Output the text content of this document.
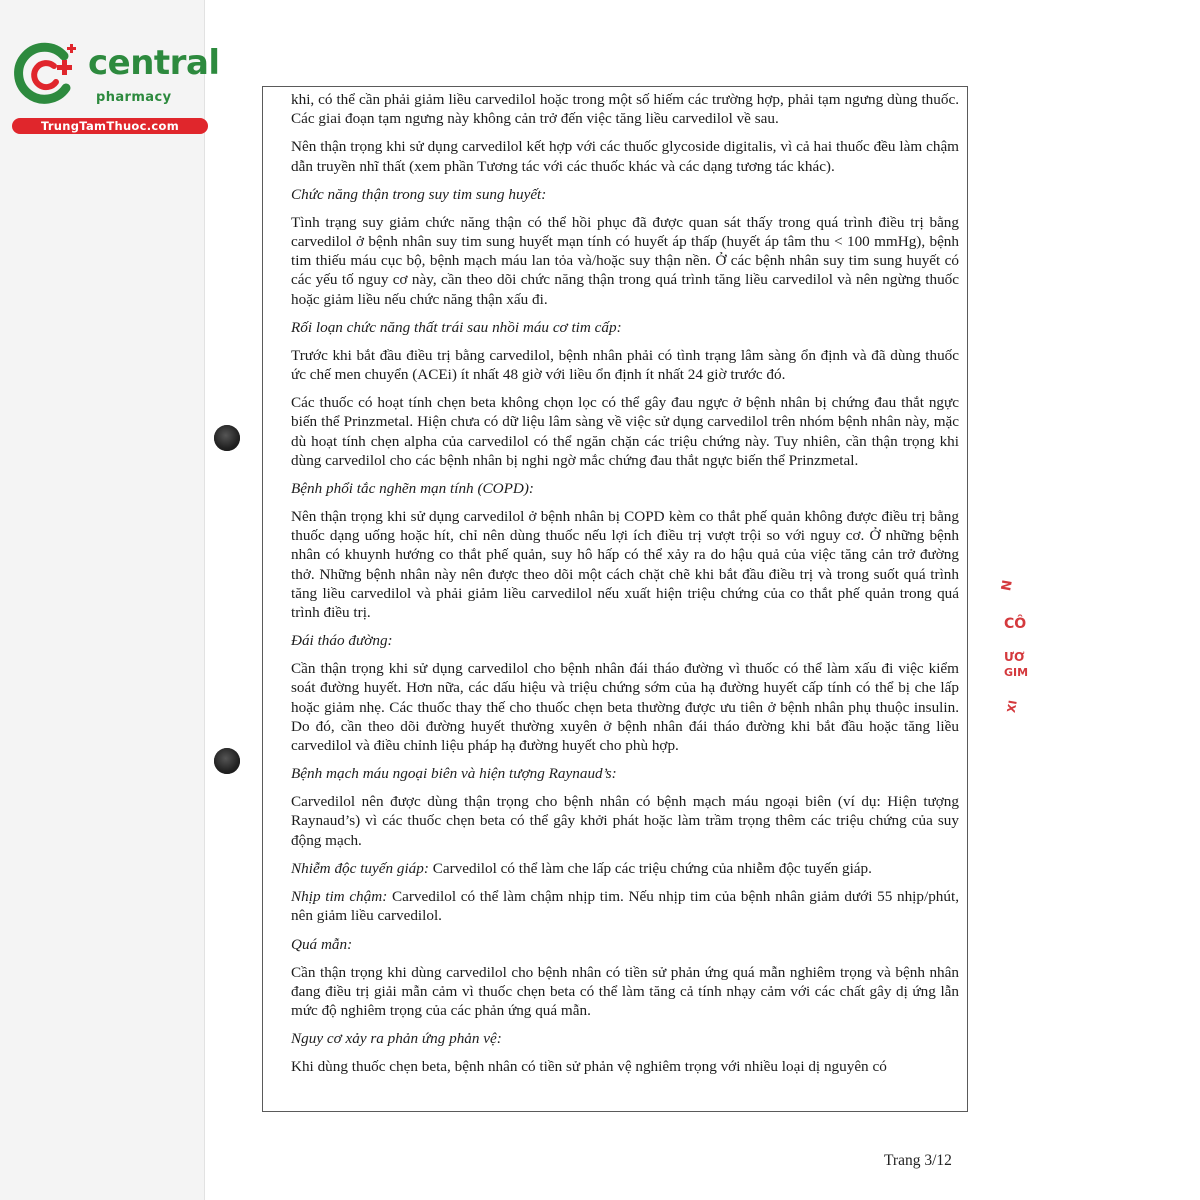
central
pharmacy
TrungTamThuoc.com
khi, có thể cần phải giảm liều carvedilol hoặc trong một số hiếm các trường hợp, phải tạm ngưng dùng thuốc. Các giai đoạn tạm ngưng này không cản trở đến việc tăng liều carvedilol về sau.
Nên thận trọng khi sử dụng carvedilol kết hợp với các thuốc glycoside digitalis, vì cả hai thuốc đều làm chậm dẫn truyền nhĩ thất (xem phần Tương tác với các thuốc khác và các dạng tương tác khác).
Chức năng thận trong suy tim sung huyết:
Tình trạng suy giảm chức năng thận có thể hồi phục đã được quan sát thấy trong quá trình điều trị bằng carvedilol ở bệnh nhân suy tim sung huyết mạn tính có huyết áp thấp (huyết áp tâm thu < 100 mmHg), bệnh tim thiếu máu cục bộ, bệnh mạch máu lan tỏa và/hoặc suy thận nền. Ở các bệnh nhân suy tim sung huyết có các yếu tố nguy cơ này, cần theo dõi chức năng thận trong quá trình tăng liều carvedilol và nên ngừng thuốc hoặc giảm liều nếu chức năng thận xấu đi.
Rối loạn chức năng thất trái sau nhồi máu cơ tim cấp:
Trước khi bắt đầu điều trị bằng carvedilol, bệnh nhân phải có tình trạng lâm sàng ổn định và đã dùng thuốc ức chế men chuyển (ACEi) ít nhất 48 giờ với liều ổn định ít nhất 24 giờ trước đó.
Các thuốc có hoạt tính chẹn beta không chọn lọc có thể gây đau ngực ở bệnh nhân bị chứng đau thắt ngực biến thể Prinzmetal. Hiện chưa có dữ liệu lâm sàng về việc sử dụng carvedilol trên nhóm bệnh nhân này, mặc dù hoạt tính chẹn alpha của carvedilol có thể ngăn chặn các triệu chứng này. Tuy nhiên, cần thận trọng khi dùng carvedilol cho các bệnh nhân bị nghi ngờ mắc chứng đau thắt ngực biến thể Prinzmetal.
Bệnh phổi tắc nghẽn mạn tính (COPD):
Nên thận trọng khi sử dụng carvedilol ở bệnh nhân bị COPD kèm co thắt phế quản không được điều trị bằng thuốc dạng uống hoặc hít, chỉ nên dùng thuốc nếu lợi ích điều trị vượt trội so với nguy cơ. Ở những bệnh nhân có khuynh hướng co thắt phế quản, suy hô hấp có thể xảy ra do hậu quả của việc tăng cản trở đường thở. Những bệnh nhân này nên được theo dõi một cách chặt chẽ khi bắt đầu điều trị và trong suốt quá trình tăng liều carvedilol và phải giảm liều carvedilol nếu xuất hiện triệu chứng của co thắt phế quản trong quá trình điều trị.
Đái tháo đường:
Cần thận trọng khi sử dụng carvedilol cho bệnh nhân đái tháo đường vì thuốc có thể làm xấu đi việc kiểm soát đường huyết. Hơn nữa, các dấu hiệu và triệu chứng sớm của hạ đường huyết cấp tính có thể bị che lấp hoặc giảm nhẹ. Các thuốc thay thế cho thuốc chẹn beta thường được ưu tiên ở bệnh nhân phụ thuộc insulin. Do đó, cần theo dõi đường huyết thường xuyên ở bệnh nhân đái tháo đường khi bắt đầu hoặc tăng liều carvedilol và điều chỉnh liệu pháp hạ đường huyết cho phù hợp.
Bệnh mạch máu ngoại biên và hiện tượng Raynaud’s:
Carvedilol nên được dùng thận trọng cho bệnh nhân có bệnh mạch máu ngoại biên (ví dụ: Hiện tượng Raynaud’s) vì các thuốc chẹn beta có thể gây khởi phát hoặc làm trầm trọng thêm các triệu chứng của suy động mạch.
Nhiễm độc tuyến giáp: Carvedilol có thể làm che lấp các triệu chứng của nhiễm độc tuyến giáp.
Nhịp tim chậm: Carvedilol có thể làm chậm nhịp tim. Nếu nhịp tim của bệnh nhân giảm dưới 55 nhịp/phút, nên giảm liều carvedilol.
Quá mẫn:
Cần thận trọng khi dùng carvedilol cho bệnh nhân có tiền sử phản ứng quá mẫn nghiêm trọng và bệnh nhân đang điều trị giải mẫn cảm vì thuốc chẹn beta có thể làm tăng cả tính nhạy cảm với các chất gây dị ứng lẫn mức độ nghiêm trọng của các phản ứng quá mẫn.
Nguy cơ xảy ra phản ứng phản vệ:
Khi dùng thuốc chẹn beta, bệnh nhân có tiền sử phản vệ nghiêm trọng với nhiều loại dị nguyên có
N
CÔ
ƯƠ
GIM
XI
Trang 3/12
